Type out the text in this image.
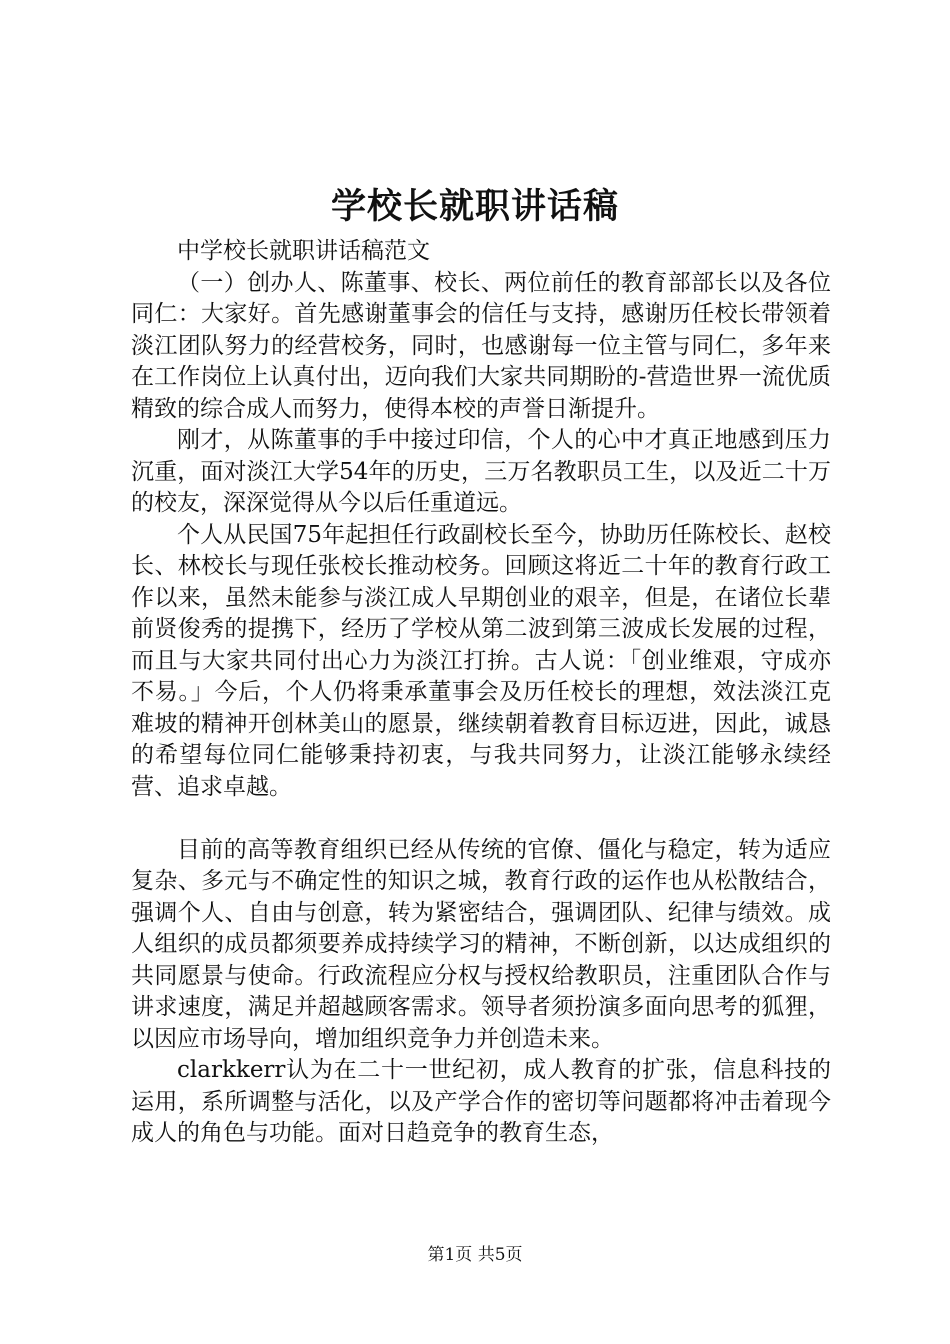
学校长就职讲话稿

中学校长就职讲话稿范文

（一）创办人、陈董事、校长、两位前任的教育部部长以及各位同仁：大家好。首先感谢董事会的信任与支持，感谢历任校长带领着淡江团队努力的经营校务，同时，也感谢每一位主管与同仁，多年来在工作岗位上认真付出，迈向我们大家共同期盼的-营造世界一流优质精致的综合成人而努力，使得本校的声誉日渐提升。

刚才，从陈董事的手中接过印信，个人的心中才真正地感到压力沉重，面对淡江大学54年的历史，三万名教职员工生，以及近二十万的校友，深深觉得从今以后任重道远。

个人从民国75年起担任行政副校长至今，协助历任陈校长、赵校长、林校长与现任张校长推动校务。回顾这将近二十年的教育行政工作以来，虽然未能参与淡江成人早期创业的艰辛，但是，在诸位长辈前贤俊秀的提携下，经历了学校从第二波到第三波成长发展的过程，而且与大家共同付出心力为淡江打拚。古人说：「创业维艰，守成亦不易。」今后，个人仍将秉承董事会及历任校长的理想，效法淡江克难坡的精神开创林美山的愿景，继续朝着教育目标迈进，因此，诚恳的希望每位同仁能够秉持初衷，与我共同努力，让淡江能够永续经营、追求卓越。

目前的高等教育组织已经从传统的官僚、僵化与稳定，转为适应复杂、多元与不确定性的知识之城，教育行政的运作也从松散结合，强调个人、自由与创意，转为紧密结合，强调团队、纪律与绩效。成人组织的成员都须要养成持续学习的精神，不断创新，以达成组织的共同愿景与使命。行政流程应分权与授权给教职员，注重团队合作与讲求速度，满足并超越顾客需求。领导者须扮演多面向思考的狐狸，以因应市场导向，增加组织竞争力并创造未来。

clarkkerr认为在二十一世纪初，成人教育的扩张，信息科技的运用，系所调整与活化，以及产学合作的密切等问题都将冲击着现今成人的角色与功能。面对日趋竞争的教育生态，

第1页 共5页
